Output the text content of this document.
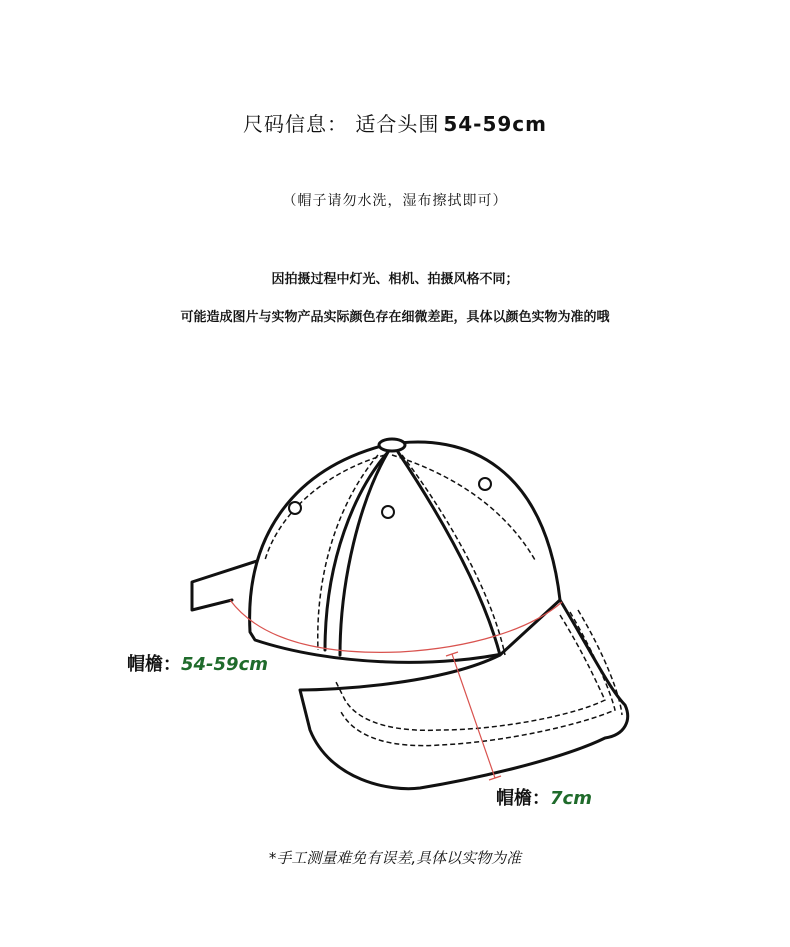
尺码信息： 适合头围 54-59cm
（帽子请勿水洗，湿布擦拭即可）
因拍摄过程中灯光、相机、拍摄风格不同；
可能造成图片与实物产品实际颜色存在细微差距，具体以颜色实物为准的哦
帽檐：54-59cm
帽檐：7cm
*手工测量难免有误差,具体以实物为准
